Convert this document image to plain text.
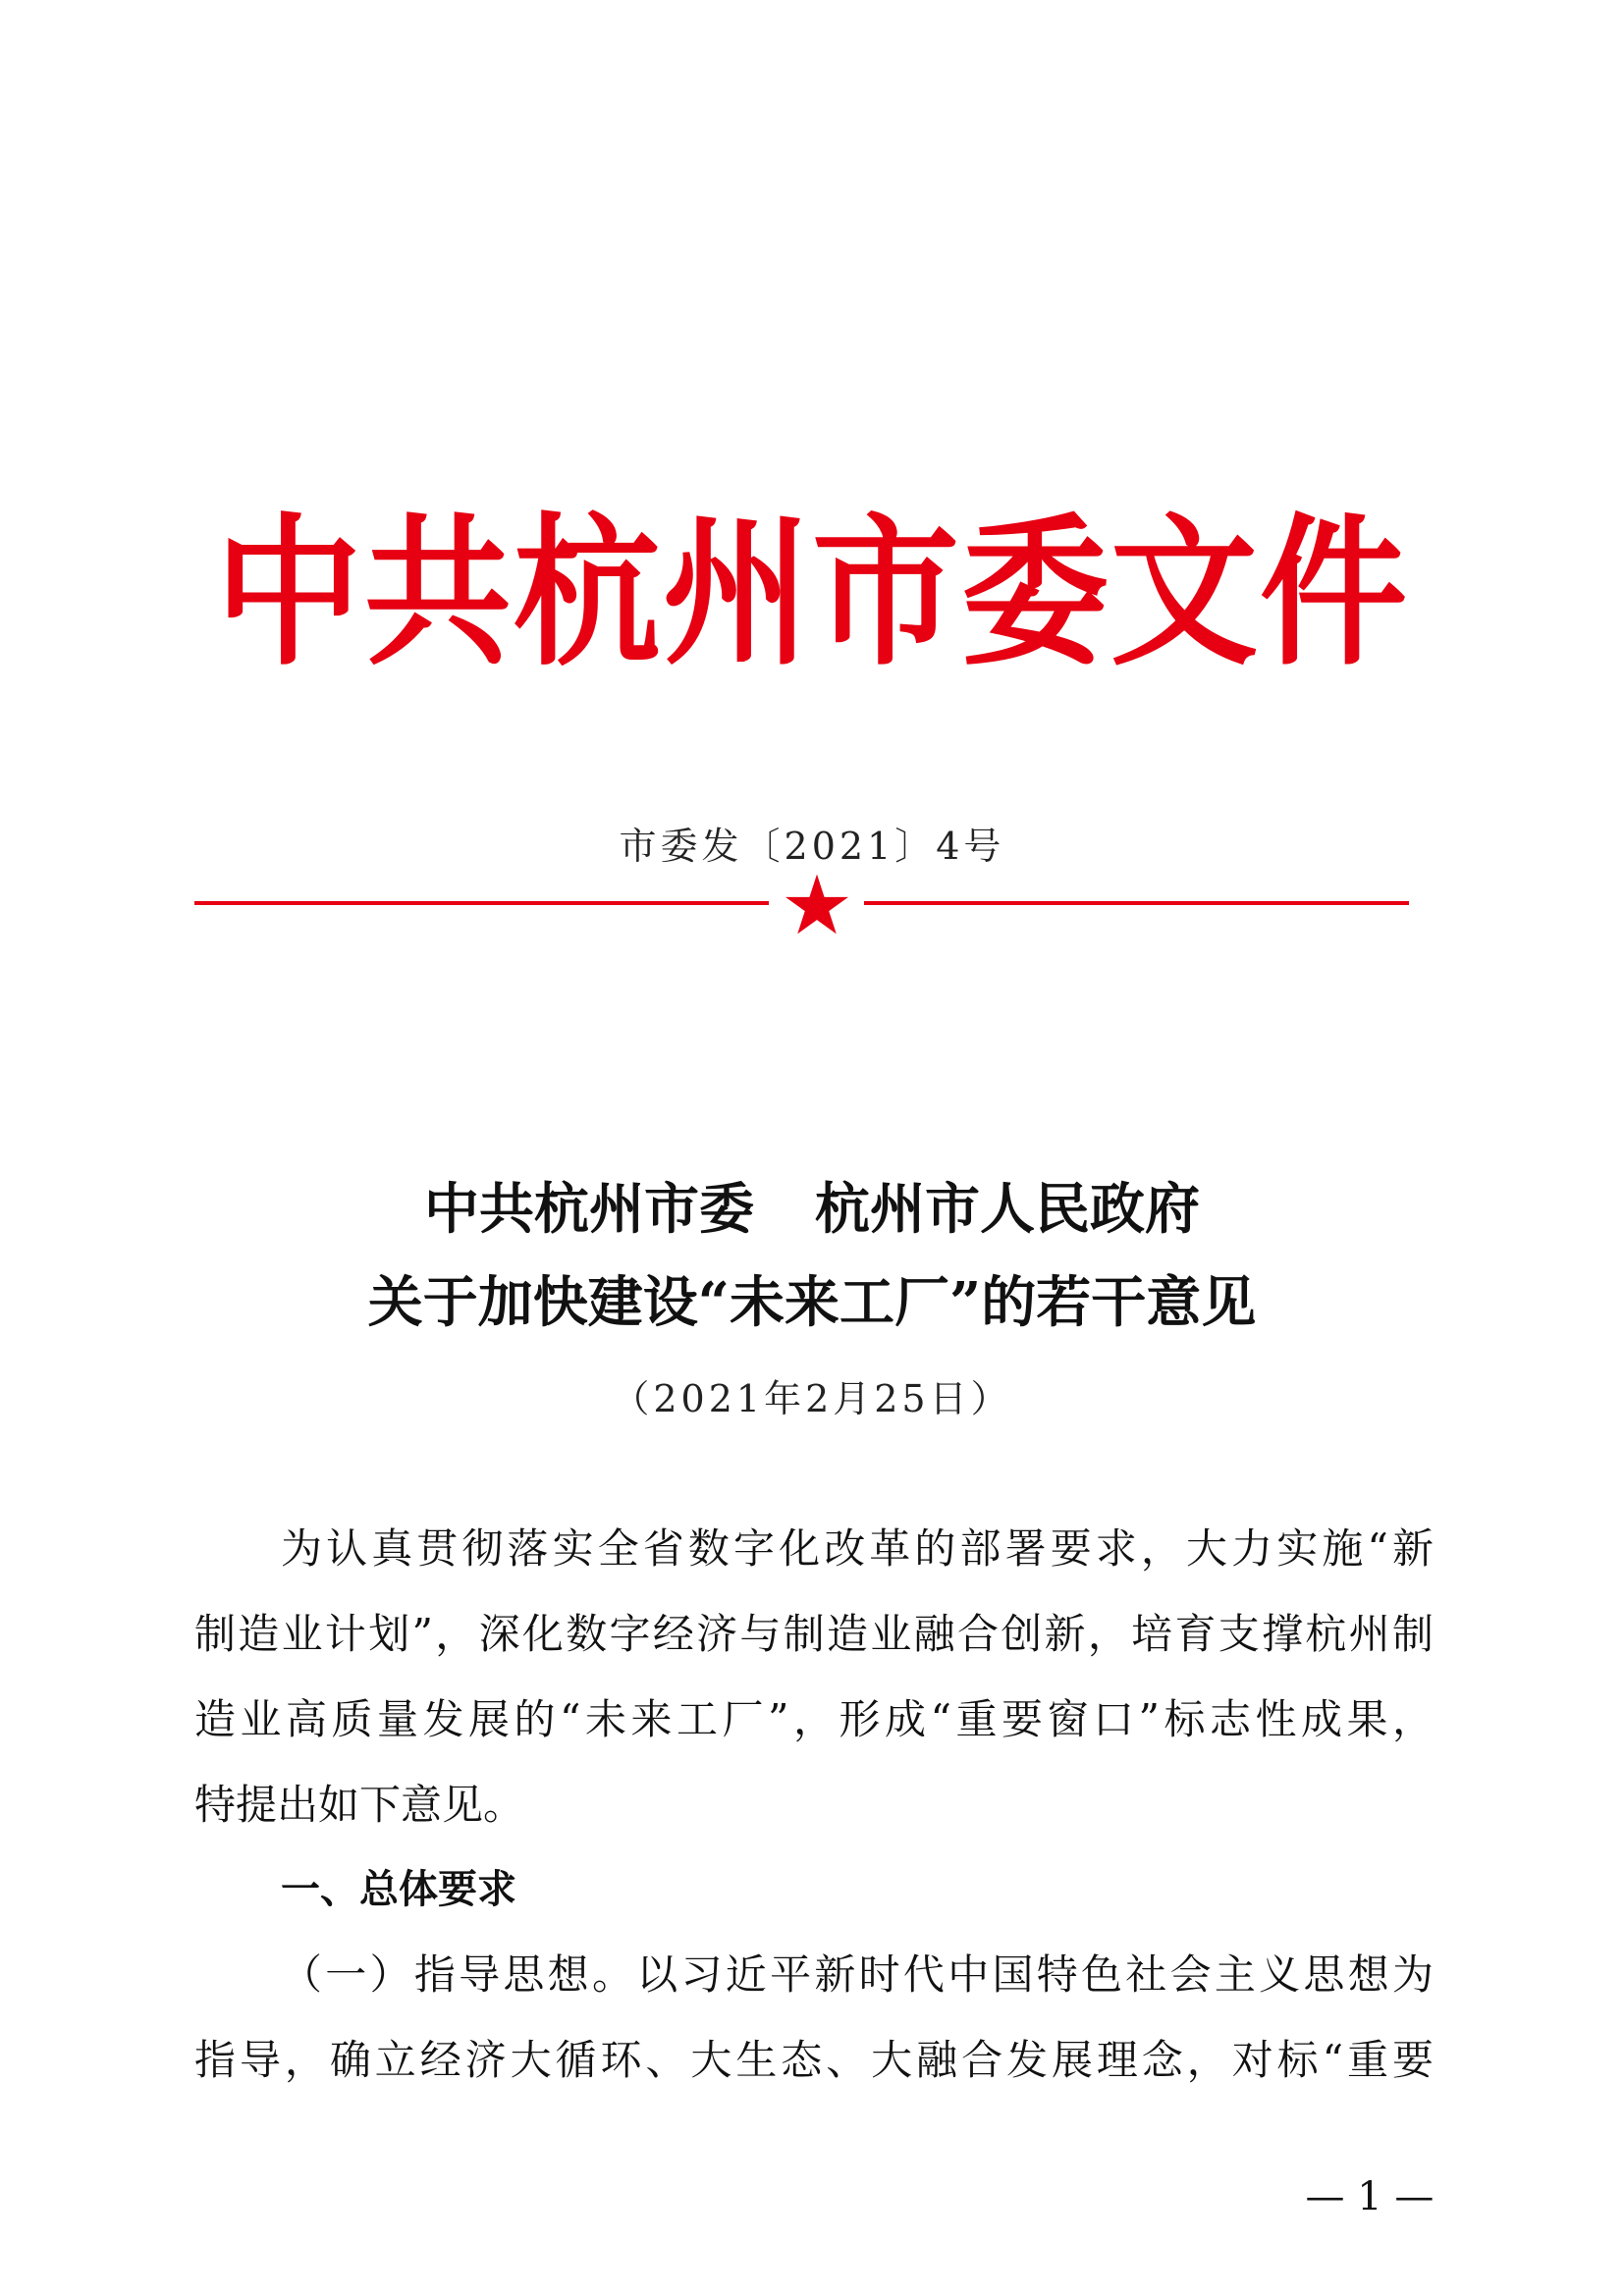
中共杭州市委文件
市委发〔2021〕4号
中共杭州市委 杭州市人民政府
关于加快建设“未来工厂”的若干意见
（2021年2月25日）
为认真贯彻落实全省数字化改革的部署要求，大力实施“新
制造业计划”，深化数字经济与制造业融合创新，培育支撑杭州制
造业高质量发展的“未来工厂”，形成“重要窗口”标志性成果，
特提出如下意见。
一、总体要求
（一）指导思想。以习近平新时代中国特色社会主义思想为
指导，确立经济大循环、大生态、大融合发展理念，对标“重要
— 1 —
